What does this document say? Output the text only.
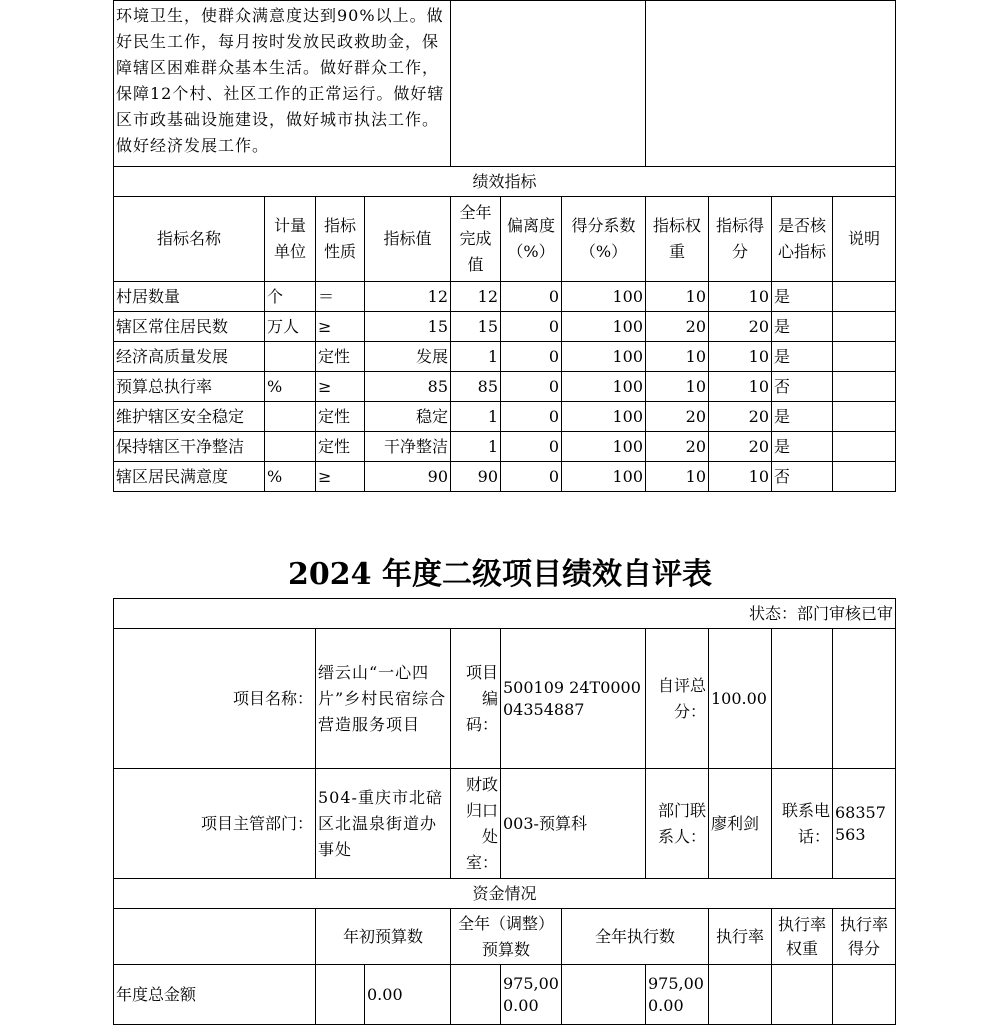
环境卫生，使群众满意度达到90%以上。做好民生工作，每月按时发放民政救助金，保障辖区困难群众基本生活。做好群众工作，保障12个村、社区工作的正常运行。做好辖区市政基础设施建设，做好城市执法工作。做好经济发展工作。										
绩效指标										
指标名称	计量单位	指标性质	指标值	全年完成值	偏离度（%）	得分系数（%）	指标权重	指标得分	是否核心指标	说明
村居数量	个	＝	12	12	0	100	10	10	是	
辖区常住居民数	万人	≥	15	15	0	100	20	20	是	
经济高质量发展		定性	发展	1	0	100	10	10	是	
预算总执行率	%	≥	85	85	0	100	10	10	否	
维护辖区安全稳定		定性	稳定	1	0	100	20	20	是	
保持辖区干净整洁		定性	干净整洁	1	0	100	20	20	是	
辖区居民满意度	%	≥	90	90	0	100	10	10	否	
2024 年度二级项目绩效自评表
状态：部门审核已审									
项目名称：	缙云山“一心四片”乡村民宿综合营造服务项目		项目编码：	500109 24T000004354887		自评总分：	100.00		
项目主管部门：	504-重庆市北碚区北温泉街道办事处		财政归口处室：	003-预算科		部门联系人：	廖利剑	联系电话：	68357563
资金情况									
	年初预算数		全年（调整）预算数		全年执行数		执行率	执行率权重	执行率得分
年度总金额		0.00		975,000.00		975,000.00			
